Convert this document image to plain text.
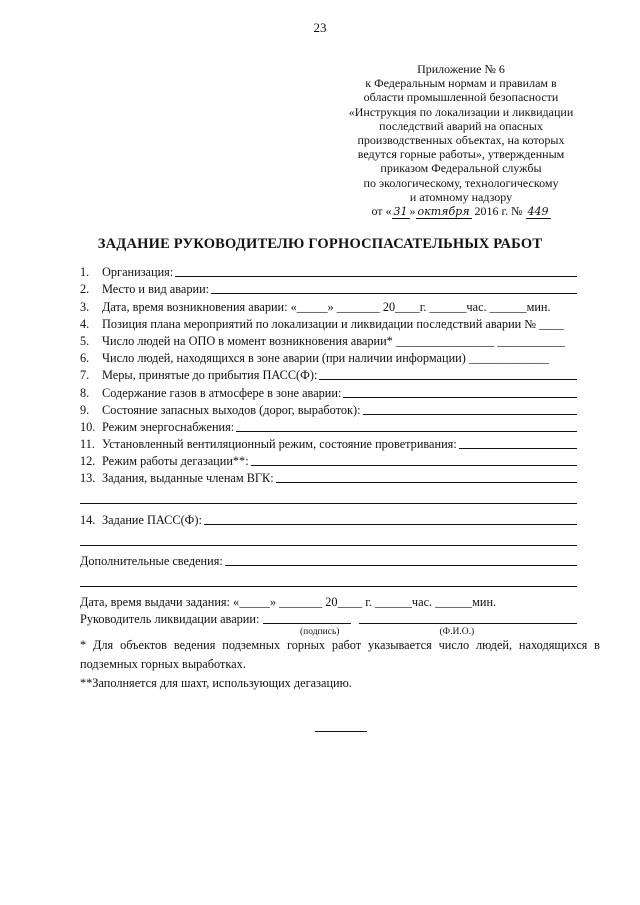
23
Приложение № 6
к Федеральным нормам и правилам в
области промышленной безопасности
«Инструкция по локализации и ликвидации
последствий аварий на опасных
производственных объектах, на которых
ведутся горные работы», утвержденным
приказом Федеральной службы
по экологическому, технологическому
и атомному надзору
от « 31 » октября 2016 г. № 449
ЗАДАНИЕ РУКОВОДИТЕЛЮ ГОРНОСПАСАТЕЛЬНЫХ РАБОТ
1.	Организация:
2.	Место и вид аварии:
3.	Дата, время возникновения аварии: «_____» _______ 20____г. ______час. ______мин.
4.	Позиция плана мероприятий по локализации и ликвидации последствий аварии № ____
5.	Число людей на ОПО в момент возникновения аварии* ________________ ___________
6.	Число людей, находящихся в зоне аварии (при наличии информации) _____________
7.	Меры, принятые до прибытия ПАСС(Ф):
8.	Содержание газов в атмосфере в зоне аварии:
9.	Состояние запасных выходов (дорог, выработок):
10. Режим энергоснабжения:
11. Установленный вентиляционный режим, состояние проветривания:
12. Режим работы дегазации**:
13. Задания, выданные членам ВГК:
14. Задание ПАСС(Ф):
Дополнительные сведения:
Дата, время выдачи задания: «_____» _______ 20____ г. ______час. ______мин.
Руководитель ликвидации аварии:
(подпись)	(Ф.И.О.)

* Для объектов ведения подземных горных работ указывается число людей, находящихся в подземных горных выработках.

**Заполняется для шахт, использующих дегазацию.
